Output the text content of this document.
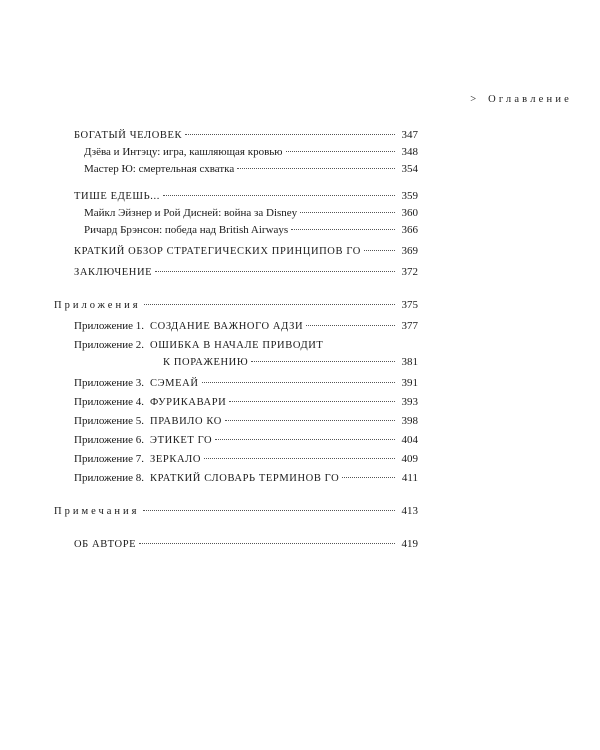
> Оглавление
БОГАТЫЙ ЧЕЛОВЕК	347
Дзёва и Интэцу: игра, кашляющая кровью	348
Мастер Ю: смертельная схватка	354
ТИШЕ ЕДЕШЬ...	359
Майкл Эйзнер и Рой Дисней: война за Disney	360
Ричард Брэнсон: победа над British Airways	366
КРАТКИЙ ОБЗОР СТРАТЕГИЧЕСКИХ ПРИНЦИПОВ ГО	369
ЗАКЛЮЧЕНИЕ	372
Приложения	375
Приложение 1. СОЗДАНИЕ ВАЖНОГО АДЗИ	377
Приложение 2. ОШИБКА В НАЧАЛЕ ПРИВОДИТ
К ПОРАЖЕНИЮ	381
Приложение 3. СЭМЕАЙ	391
Приложение 4. ФУРИКАВАРИ	393
Приложение 5. ПРАВИЛО КО	398
Приложение 6. ЭТИКЕТ ГО	404
Приложение 7. ЗЕРКАЛО	409
Приложение 8. КРАТКИЙ СЛОВАРЬ ТЕРМИНОВ ГО	411
Примечания	413
ОБ АВТОРЕ	419
